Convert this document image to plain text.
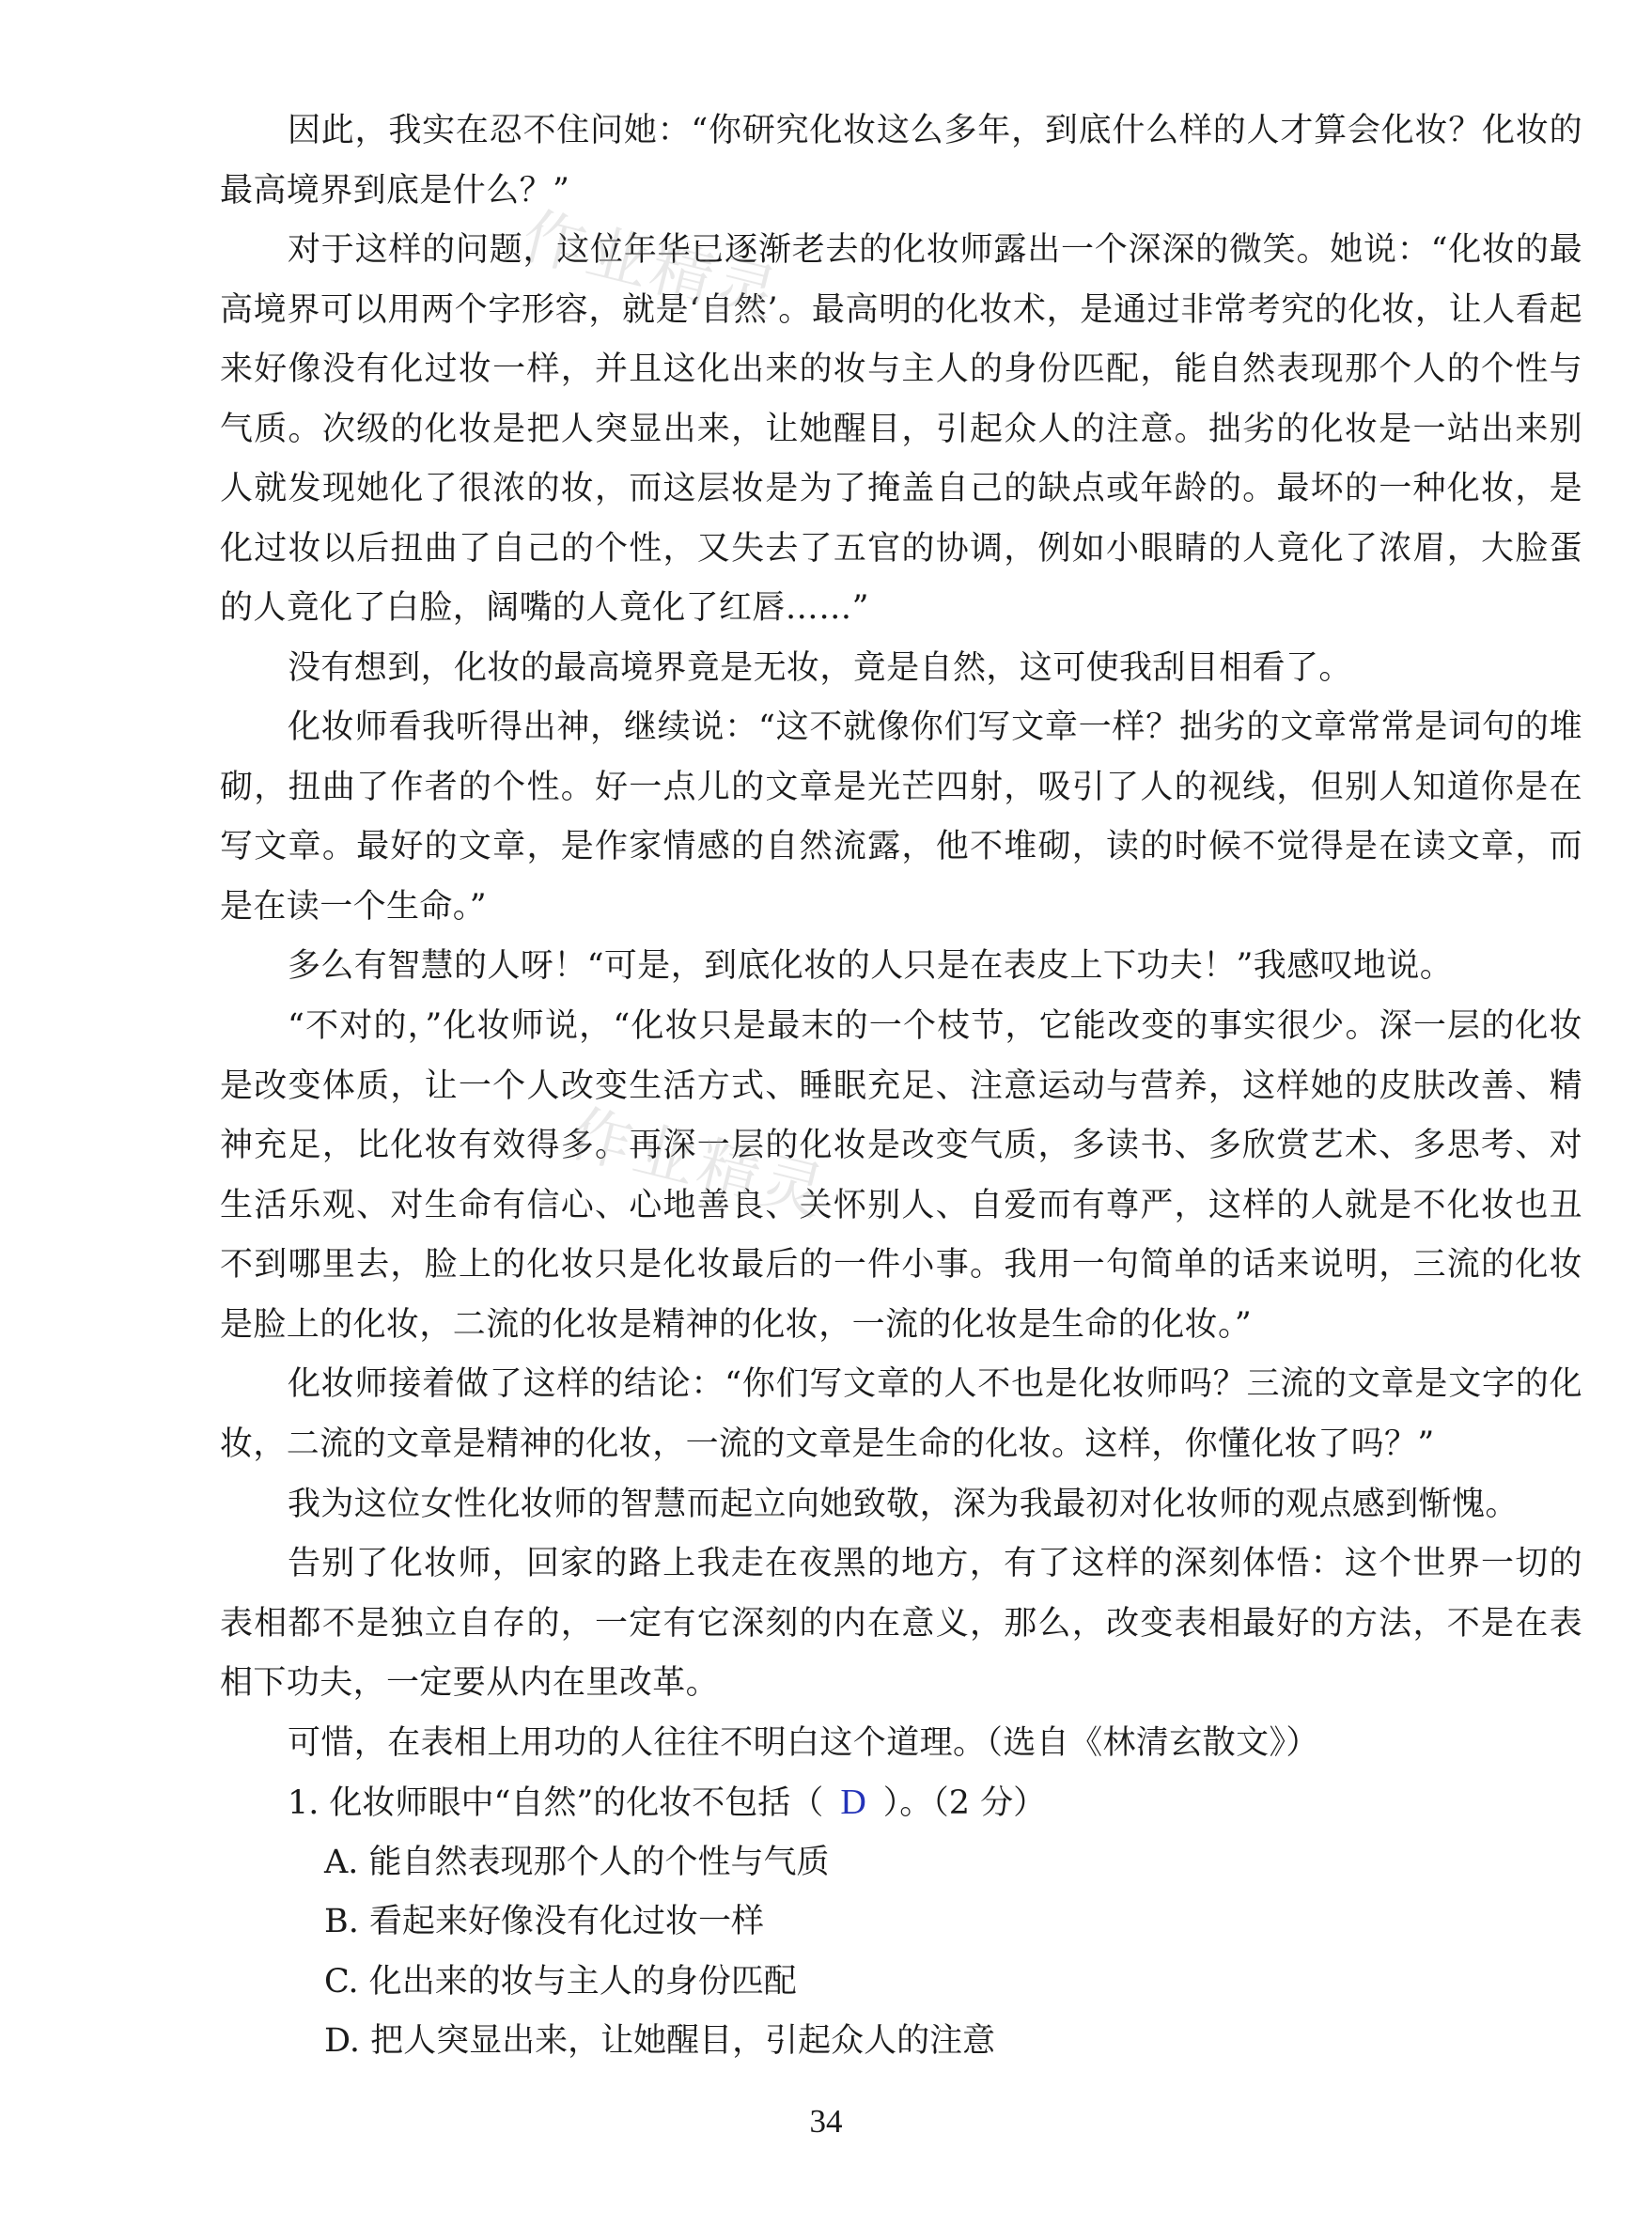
因此，我实在忍不住问她：“你研究化妆这么多年，到底什么样的人才算会化妆？化妆的最高境界到底是什么？”

对于这样的问题，这位年华已逐渐老去的化妆师露出一个深深的微笑。她说：“化妆的最高境界可以用两个字形容，就是‘自然’。最高明的化妆术，是通过非常考究的化妆，让人看起来好像没有化过妆一样，并且这化出来的妆与主人的身份匹配，能自然表现那个人的个性与气质。次级的化妆是把人突显出来，让她醒目，引起众人的注意。拙劣的化妆是一站出来别人就发现她化了很浓的妆，而这层妆是为了掩盖自己的缺点或年龄的。最坏的一种化妆，是化过妆以后扭曲了自己的个性，又失去了五官的协调，例如小眼睛的人竟化了浓眉，大脸蛋的人竟化了白脸，阔嘴的人竟化了红唇……”

没有想到，化妆的最高境界竟是无妆，竟是自然，这可使我刮目相看了。

化妆师看我听得出神，继续说：“这不就像你们写文章一样？拙劣的文章常常是词句的堆砌，扭曲了作者的个性。好一点儿的文章是光芒四射，吸引了人的视线，但别人知道你是在写文章。最好的文章，是作家情感的自然流露，他不堆砌，读的时候不觉得是在读文章，而是在读一个生命。”

多么有智慧的人呀！“可是，到底化妆的人只是在表皮上下功夫！”我感叹地说。

“不对的，”化妆师说，“化妆只是最末的一个枝节，它能改变的事实很少。深一层的化妆是改变体质，让一个人改变生活方式、睡眠充足、注意运动与营养，这样她的皮肤改善、精神充足，比化妆有效得多。再深一层的化妆是改变气质，多读书、多欣赏艺术、多思考、对生活乐观、对生命有信心、心地善良、关怀别人、自爱而有尊严，这样的人就是不化妆也丑不到哪里去，脸上的化妆只是化妆最后的一件小事。我用一句简单的话来说明，三流的化妆是脸上的化妆，二流的化妆是精神的化妆，一流的化妆是生命的化妆。”

化妆师接着做了这样的结论：“你们写文章的人不也是化妆师吗？三流的文章是文字的化妆，二流的文章是精神的化妆，一流的文章是生命的化妆。这样，你懂化妆了吗？”

我为这位女性化妆师的智慧而起立向她致敬，深为我最初对化妆师的观点感到惭愧。

告别了化妆师，回家的路上我走在夜黑的地方，有了这样的深刻体悟：这个世界一切的表相都不是独立自存的，一定有它深刻的内在意义，那么，改变表相最好的方法，不是在表相下功夫，一定要从内在里改革。

可惜，在表相上用功的人往往不明白这个道理。（选自《林清玄散文》）

1. 化妆师眼中“自然”的化妆不包括（ D ）。（2 分）

A. 能自然表现那个人的个性与气质

B. 看起来好像没有化过妆一样

C. 化出来的妆与主人的身份匹配

D. 把人突显出来，让她醒目，引起众人的注意

34
作业精灵
作业精灵
